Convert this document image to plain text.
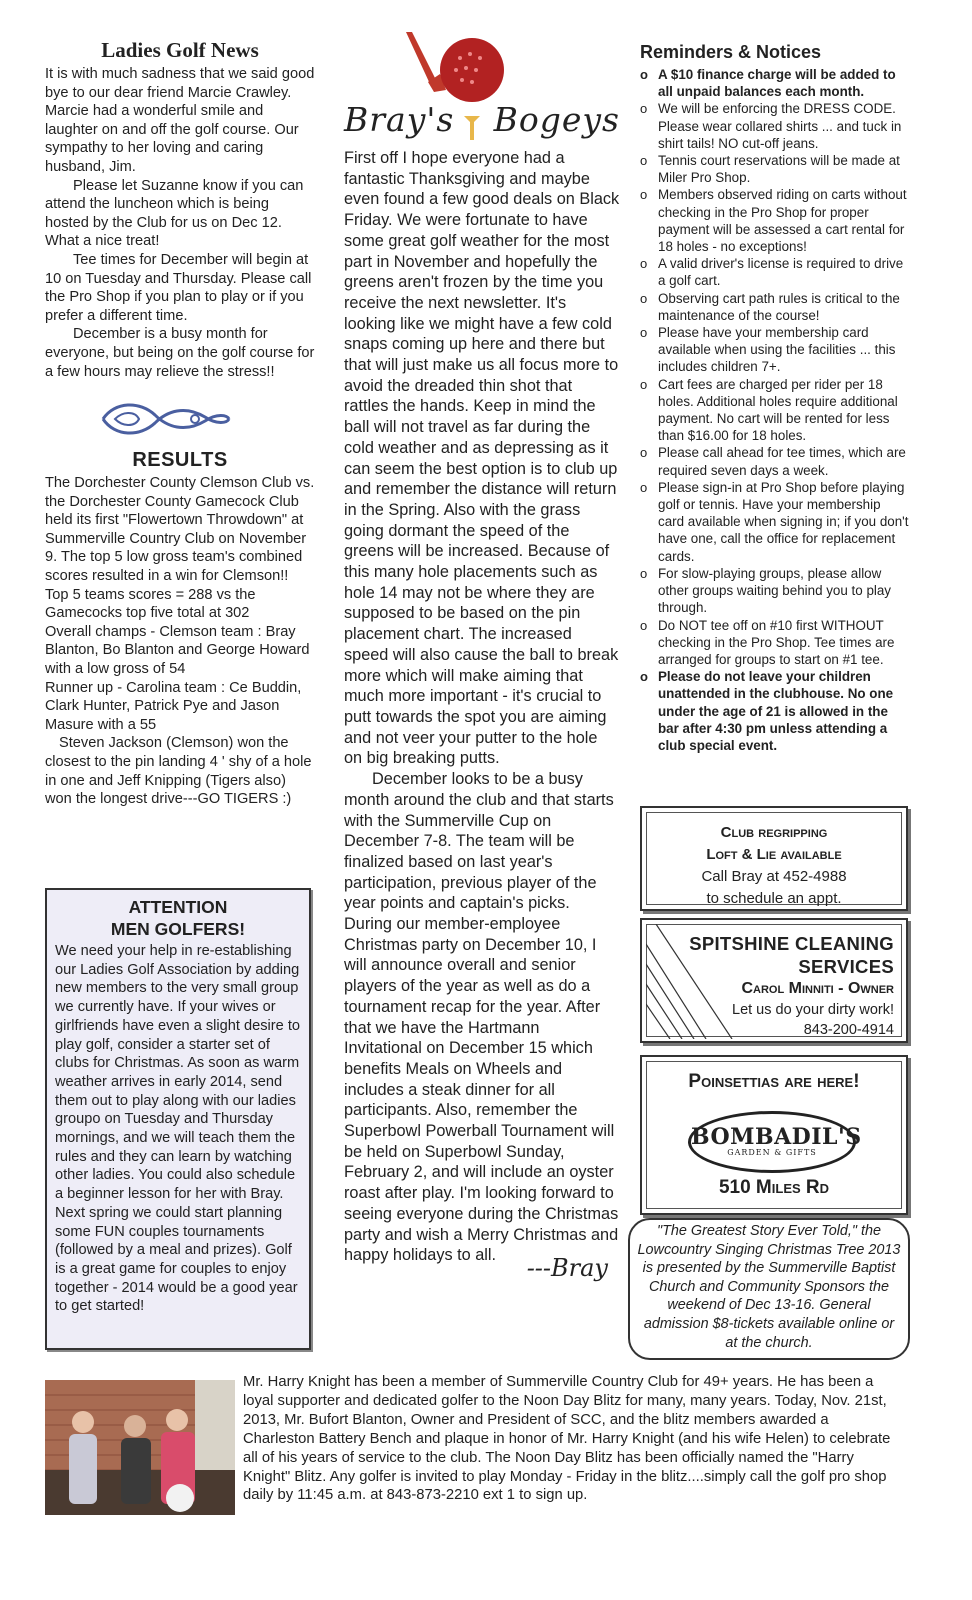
Ladies Golf News

It is with much sadness that we said good bye to our dear friend Marcie Crawley. Marcie had a wonderful smile and laughter on and off the golf course. Our sympathy to her loving and caring husband, Jim.

Please let Suzanne know if you can attend the luncheon which is being hosted by the Club for us on Dec 12. What a nice treat!

Tee times for December will begin at 10 on Tuesday and Thursday. Please call the Pro Shop if you plan to play or if you prefer a different time.

December is a busy month for everyone, but being on the golf course for a few hours may relieve the stress!!

RESULTS

The Dorchester County Clemson Club vs. the Dorchester County Gamecock Club held its first "Flowertown Throwdown" at Summerville Country Club on November 9. The top 5 low gross team's combined scores resulted in a win for Clemson!!

Top 5 teams scores = 288 vs the Gamecocks top five total at 302

Overall champs - Clemson team : Bray Blanton, Bo Blanton and George Howard with a low gross of 54

Runner up - Carolina team : Ce Buddin, Clark Hunter, Patrick Pye and Jason Masure with a 55

Steven Jackson (Clemson) won the closest to the pin landing 4 ' shy of a hole in one and Jeff Knipping (Tigers also) won the longest drive---GO TIGERS :)

ATTENTION
MEN GOLFERS!
We need your help in re-establishing our Ladies Golf Association by adding new members to the very small group we currently have. If your wives or girlfriends have even a slight desire to play golf, consider a starter set of clubs for Christmas. As soon as warm weather arrives in early 2014, send them out to play along with our ladies groupo on Tuesday and Thursday mornings, and we will teach them the rules and they can learn by watching other ladies. You could also schedule a beginner lesson for her with Bray. Next spring we could start planning some FUN couples tournaments (followed by a meal and prizes). Golf is a great game for couples to enjoy together - 2014 would be a good year to get started!
Bray's Bogeys

First off I hope everyone had a fantastic Thanksgiving and maybe even found a few good deals on Black Friday. We were fortunate to have some great golf weather for the most part in November and hopefully the greens aren't frozen by the time you receive the next newsletter. It's looking like we might have a few cold snaps coming up here and there but that will just make us all focus more to avoid the dreaded thin shot that rattles the hands. Keep in mind the ball will not travel as far during the cold weather and as depressing as it can seem the best option is to club up and remember the distance will return in the Spring. Also with the grass going dormant the speed of the greens will be increased. Because of this many hole placements such as hole 14 may not be where they are supposed to be based on the pin placement chart. The increased speed will also cause the ball to break more which will make aiming that much more important - it's crucial to putt towards the spot you are aiming and not veer your putter to the hole on big breaking putts.

December looks to be a busy month around the club and that starts with the Summerville Cup on December 7-8. The team will be finalized based on last year's participation, previous player of the year points and captain's picks. During our member-employee Christmas party on December 10, I will announce overall and senior players of the year as well as do a tournament recap for the year. After that we have the Hartmann Invitational on December 15 which benefits Meals on Wheels and includes a steak dinner for all participants. Also, remember the Superbowl Powerball Tournament will be held on Superbowl Sunday, February 2, and will include an oyster roast after play. I'm looking forward to seeing everyone during the Christmas party and wish a Merry Christmas and happy holidays to all.	---Bray
Reminders & Notices
o A $10 finance charge will be added to all unpaid balances each month.
o We will be enforcing the DRESS CODE. Please wear collared shirts ... and tuck in shirt tails! NO cut-off jeans.
o Tennis court reservations will be made at Miler Pro Shop.
o Members observed riding on carts without checking in the Pro Shop for proper payment will be assessed a cart rental for 18 holes - no exceptions!
o A valid driver's license is required to drive a golf cart.
o Observing cart path rules is critical to the maintenance of the course!
o Please have your membership card available when using the facilities ... this includes children 7+.
o Cart fees are charged per rider per 18 holes. Additional holes require additional payment. No cart will be rented for less than $16.00 for 18 holes.
o Please call ahead for tee times, which are required seven days a week.
o Please sign-in at Pro Shop before playing golf or tennis. Have your membership card available when signing in; if you don't have one, call the office for replacement cards.
o For slow-playing groups, please allow other groups waiting behind you to play through.
o Do NOT tee off on #10 first WITHOUT checking in the Pro Shop. Tee times are arranged for groups to start on #1 tee.
o Please do not leave your children unattended in the clubhouse. No one under the age of 21 is allowed in the bar after 4:30 pm unless attending a club special event.
Club regripping
Loft & Lie available
Call Bray at 452-4988
to schedule an appt.
SPITSHINE CLEANING
SERVICES
Carol Minniti - Owner
Let us do your dirty work!
843-200-4914
Poinsettias are here!
BOMBADIL'S
GARDEN & GIFTS
510 Miles Rd
"The Greatest Story Ever Told," the Lowcountry Singing Christmas Tree 2013 is presented by the Summerville Baptist Church and Community Sponsors the weekend of Dec 13-16. General admission $8-tickets available online or at the church.
Mr. Harry Knight has been a member of Summerville Country Club for 49+ years. He has been a loyal supporter and dedicated golfer to the Noon Day Blitz for many, many years. Today, Nov. 21st, 2013, Mr. Bufort Blanton, Owner and President of SCC, and the blitz members awarded a Charleston Battery Bench and plaque in honor of Mr. Harry Knight (and his wife Helen) to celebrate all of his years of service to the club. The Noon Day Blitz has been officially named the "Harry Knight" Blitz. Any golfer is invited to play Monday - Friday in the blitz....simply call the golf pro shop daily by 11:45 a.m. at 843-873-2210 ext 1 to sign up.
